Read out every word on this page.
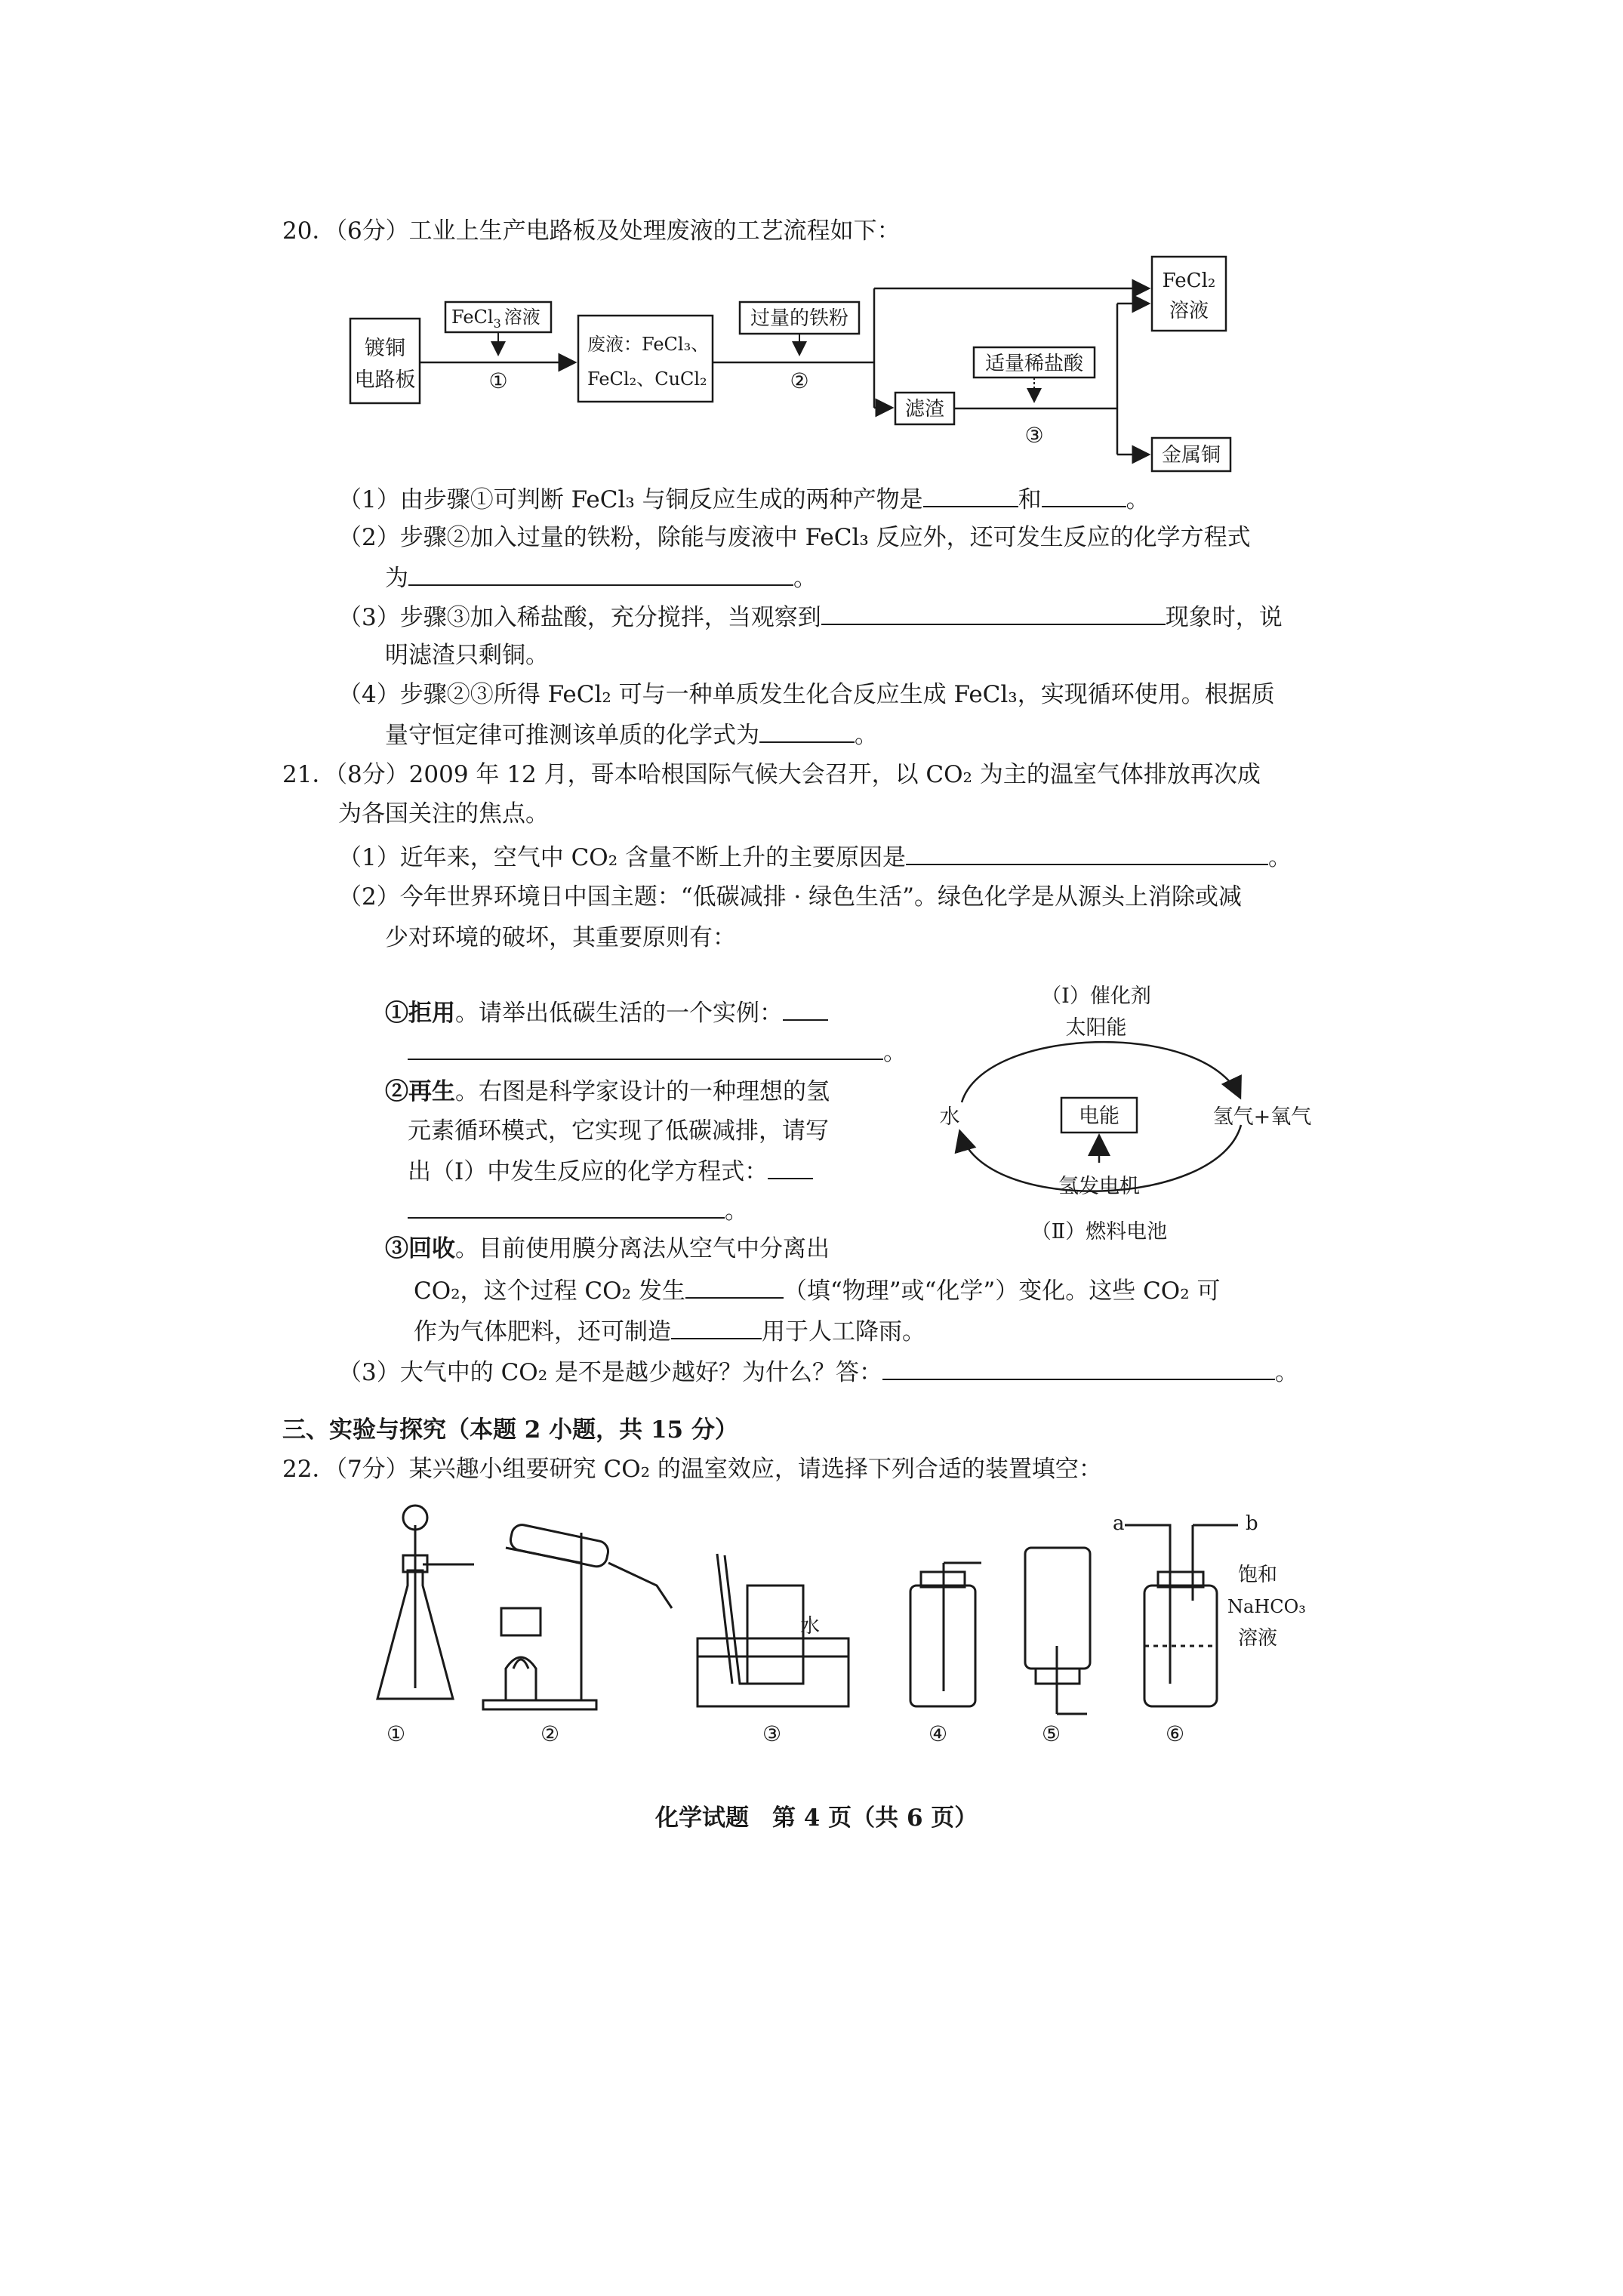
20．（6分）工业上生产电路板及处理废液的工艺流程如下：
镀铜
电路板
FeCl$_3$ 溶液
①
废液：FeCl₃、
FeCl₂、CuCl₂
过量的铁粉
②
FeCl₂
溶液
滤渣
适量稀盐酸
③
金属铜
（1）由步骤①可判断 FeCl₃ 与铜反应生成的两种产物是	和	。
（2）步骤②加入过量的铁粉，除能与废液中 FeCl₃ 反应外，还可发生反应的化学方程式
为	。
（3）步骤③加入稀盐酸，充分搅拌，当观察到	现象时，说
明滤渣只剩铜。
（4）步骤②③所得 FeCl₂ 可与一种单质发生化合反应生成 FeCl₃，实现循环使用。根据质
量守恒定律可推测该单质的化学式为	。
21．（8分）2009 年 12 月，哥本哈根国际气候大会召开，以 CO₂ 为主的温室气体排放再次成
为各国关注的焦点。
（1）近年来，空气中 CO₂ 含量不断上升的主要原因是	。
（2）今年世界环境日中国主题：“低碳减排 · 绿色生活”。绿色化学是从源头上消除或减
少对环境的破坏，其重要原则有：
①拒用。请举出低碳生活的一个实例：
。
②再生。右图是科学家设计的一种理想的氢
元素循环模式，它实现了低碳减排，请写
出（Ⅰ）中发生反应的化学方程式：
。
③回收。目前使用膜分离法从空气中分离出
CO₂，这个过程 CO₂ 发生	（填“物理”或“化学”）变化。这些 CO₂ 可
作为气体肥料，还可制造	用于人工降雨。
（Ⅰ）催化剂
太阳能
水	氢气+氧气
电能
氢发电机
（Ⅱ）燃料电池
（3）大气中的 CO₂ 是不是越少越好？为什么？答：	。
三、实验与探究（本题 2 小题，共 15 分）
22．（7分）某兴趣小组要研究 CO₂ 的温室效应，请选择下列合适的装置填空：
水
a	b
饱和
NaHCO₃
溶液
①	②	③	④	⑤	⑥
化学试题　第 4 页（共 6 页）
